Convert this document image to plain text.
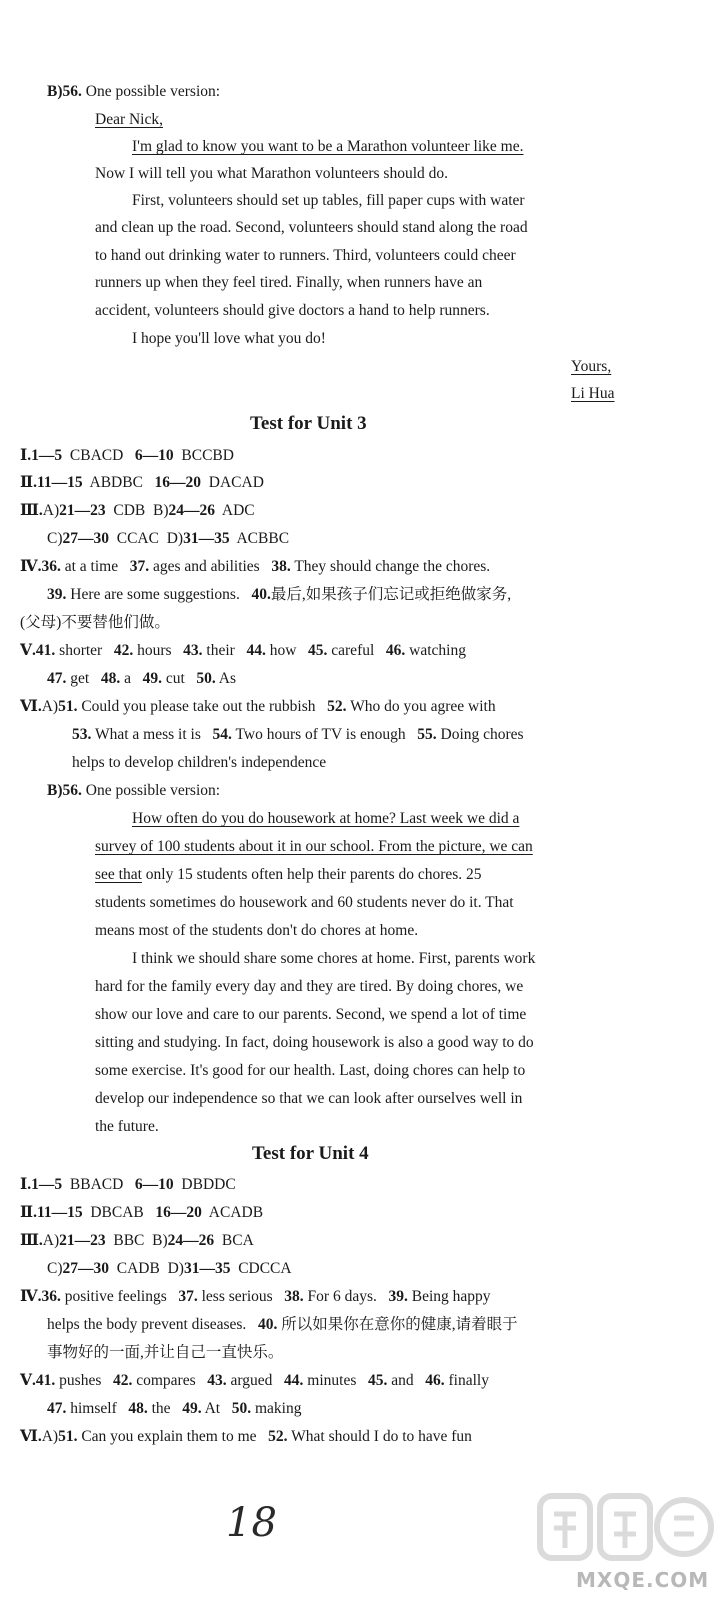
B)56. One possible version:
Dear Nick,
I'm glad to know you want to be a Marathon volunteer like me.
Now I will tell you what Marathon volunteers should do.
First, volunteers should set up tables, fill paper cups with water
and clean up the road. Second, volunteers should stand along the road
to hand out drinking water to runners. Third, volunteers could cheer
runners up when they feel tired. Finally, when runners have an
accident, volunteers should give doctors a hand to help runners.
I hope you'll love what you do!
Yours,
Li Hua
Test for Unit 3
Ⅰ.1—5 CBACD 6—10 BCCBD
Ⅱ.11—15 ABDBC 16—20 DACAD
Ⅲ.A)21—23 CDB B)24—26 ADC
C)27—30 CCAC D)31—35 ACBBC
Ⅳ.36. at a time 37. ages and abilities 38. They should change the chores.
39. Here are some suggestions. 40.最后,如果孩子们忘记或拒绝做家务,
(父母)不要替他们做。
Ⅴ.41. shorter 42. hours 43. their 44. how 45. careful 46. watching
47. get 48. a 49. cut 50. As
Ⅵ.A)51. Could you please take out the rubbish 52. Who do you agree with
53. What a mess it is 54. Two hours of TV is enough 55. Doing chores
helps to develop children's independence
B)56. One possible version:
How often do you do housework at home? Last week we did a
survey of 100 students about it in our school. From the picture, we can
see that only 15 students often help their parents do chores. 25
students sometimes do housework and 60 students never do it. That
means most of the students don't do chores at home.
I think we should share some chores at home. First, parents work
hard for the family every day and they are tired. By doing chores, we
show our love and care to our parents. Second, we spend a lot of time
sitting and studying. In fact, doing housework is also a good way to do
some exercise. It's good for our health. Last, doing chores can help to
develop our independence so that we can look after ourselves well in
the future.
Test for Unit 4
Ⅰ.1—5 BBACD 6—10 DBDDC
Ⅱ.11—15 DBCAB 16—20 ACADB
Ⅲ.A)21—23 BBC B)24—26 BCA
C)27—30 CADB D)31—35 CDCCA
Ⅳ.36. positive feelings 37. less serious 38. For 6 days. 39. Being happy
helps the body prevent diseases. 40. 所以如果你在意你的健康,请着眼于
事物好的一面,并让自己一直快乐。
Ⅴ.41. pushes 42. compares 43. argued 44. minutes 45. and 46. finally
47. himself 48. the 49. At 50. making
Ⅵ.A)51. Can you explain them to me 52. What should I do to have fun
18
MXQE.COM
